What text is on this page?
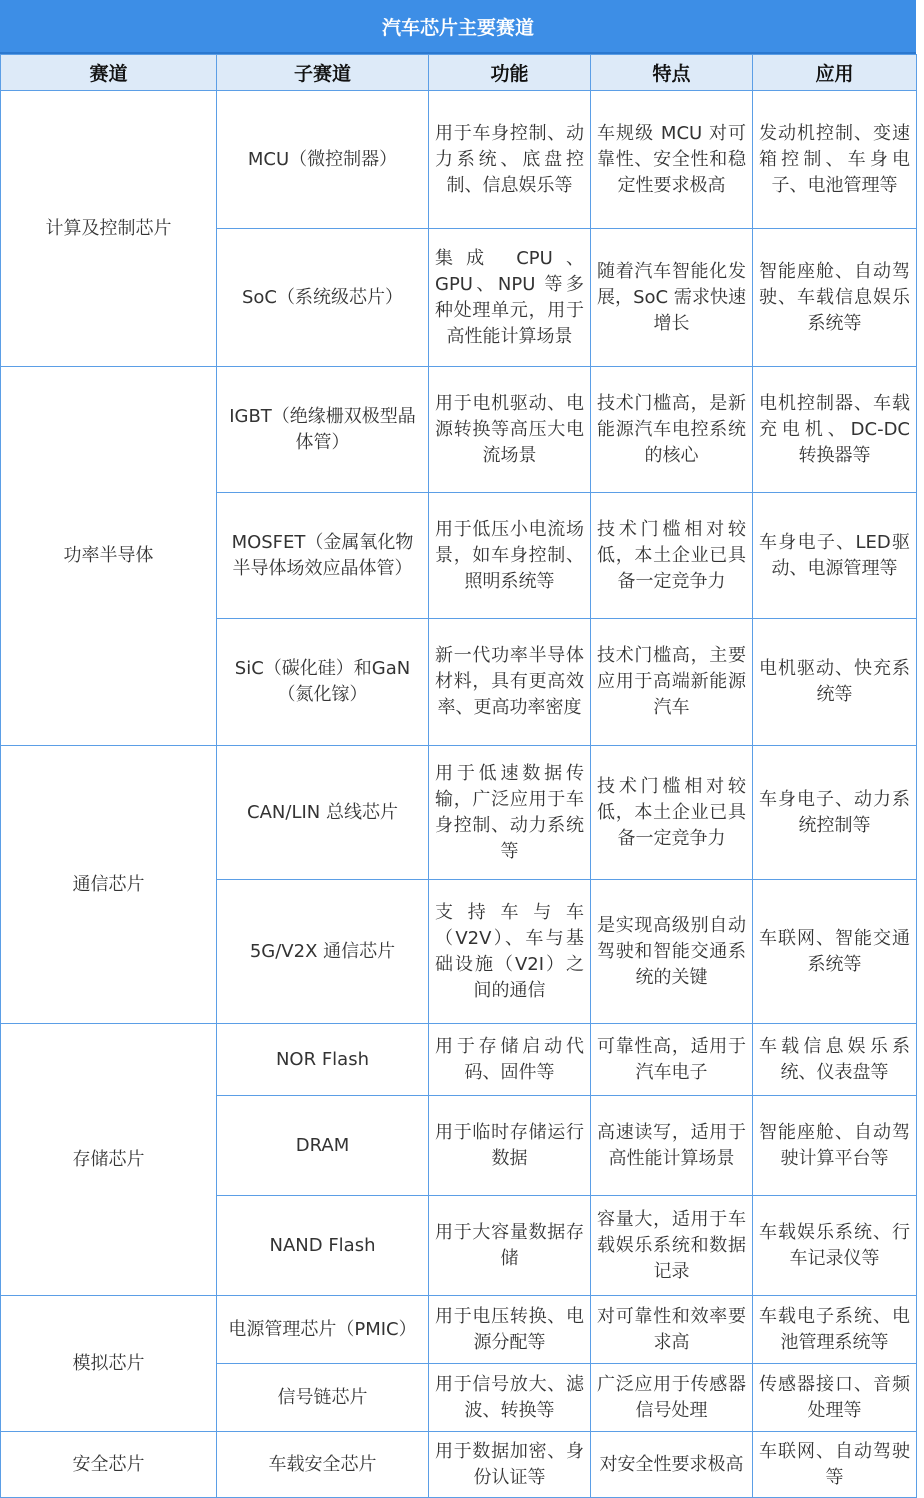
汽车芯片主要赛道
赛道	子赛道	功能	特点	应用
计算及控制芯片	MCU（微控制器）	用于车身控制、动力系统、底盘控制、信息娱乐等	车规级 MCU 对可靠性、安全性和稳定性要求极高	发动机控制、变速箱控制、车身电子、电池管理等
	SoC（系统级芯片）	集成 CPU、GPU、NPU 等多种处理单元，用于高性能计算场景	随着汽车智能化发展，SoC 需求快速增长	智能座舱、自动驾驶、车载信息娱乐系统等
功率半导体	IGBT（绝缘栅双极型晶体管）	用于电机驱动、电源转换等高压大电流场景	技术门槛高，是新能源汽车电控系统的核心	电机控制器、车载充电机、DC-DC 转换器等
	MOSFET（金属氧化物半导体场效应晶体管）	用于低压小电流场景，如车身控制、照明系统等	技术门槛相对较低，本土企业已具备一定竞争力	车身电子、LED驱动、电源管理等
	SiC（碳化硅）和GaN（氮化镓）	新一代功率半导体材料，具有更高效率、更高功率密度	技术门槛高，主要应用于高端新能源汽车	电机驱动、快充系统等
通信芯片	CAN/LIN 总线芯片	用于低速数据传输，广泛应用于车身控制、动力系统等	技术门槛相对较低，本土企业已具备一定竞争力	车身电子、动力系统控制等
	5G/V2X 通信芯片	支持车与车（V2V）、车与基础设施（V2I）之间的通信	是实现高级别自动驾驶和智能交通系统的关键	车联网、智能交通系统等
存储芯片	NOR Flash	用于存储启动代码、固件等	可靠性高，适用于汽车电子	车载信息娱乐系统、仪表盘等
	DRAM	用于临时存储运行数据	高速读写，适用于高性能计算场景	智能座舱、自动驾驶计算平台等
	NAND Flash	用于大容量数据存储	容量大，适用于车载娱乐系统和数据记录	车载娱乐系统、行车记录仪等
模拟芯片	电源管理芯片（PMIC）	用于电压转换、电源分配等	对可靠性和效率要求高	车载电子系统、电池管理系统等
	信号链芯片	用于信号放大、滤波、转换等	广泛应用于传感器信号处理	传感器接口、音频处理等
安全芯片	车载安全芯片	用于数据加密、身份认证等	对安全性要求极高	车联网、自动驾驶等
